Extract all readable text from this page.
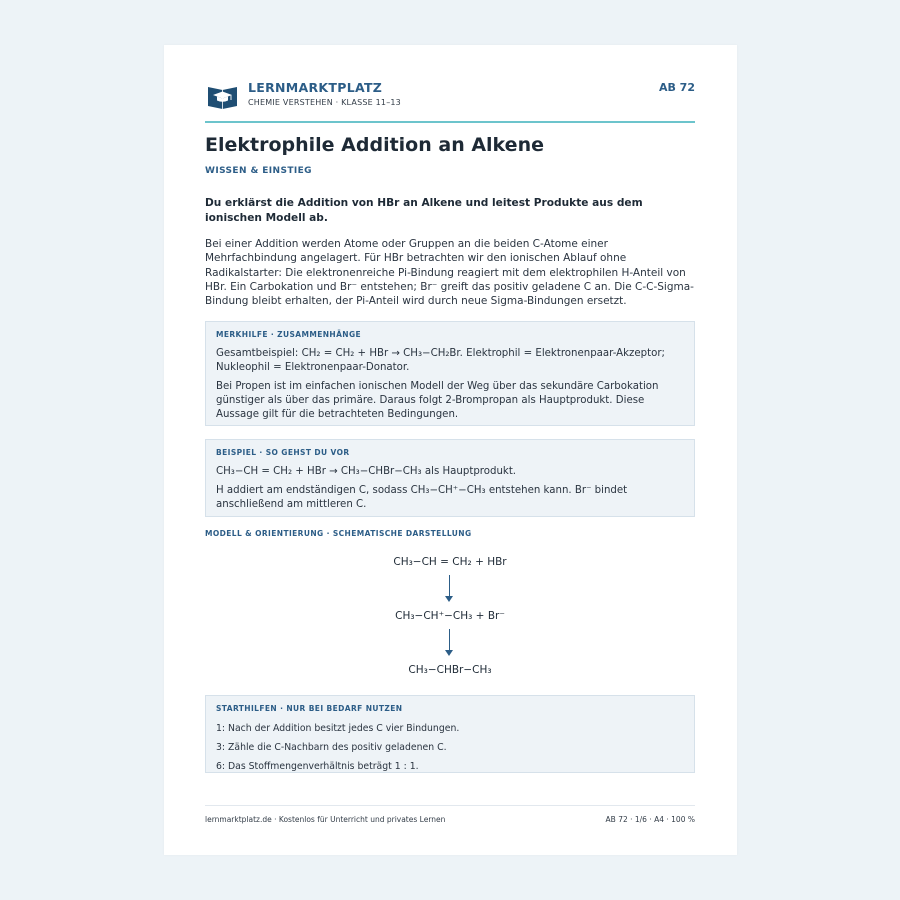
LERNMARKTPLATZ
CHEMIE VERSTEHEN · KLASSE 11–13
AB 72
Elektrophile Addition an Alkene
WISSEN & EINSTIEG
Du erklärst die Addition von HBr an Alkene und leitest Produkte aus dem ionischen Modell ab.
Bei einer Addition werden Atome oder Gruppen an die beiden C-Atome einer Mehrfachbindung angelagert. Für HBr betrachten wir den ionischen Ablauf ohne Radikalstarter: Die elektronenreiche Pi-Bindung reagiert mit dem elektrophilen H-Anteil von HBr. Ein Carbokation und Br⁻ entstehen; Br⁻ greift das positiv geladene C an. Die C-C-Sigma-Bindung bleibt erhalten, der Pi-Anteil wird durch neue Sigma-Bindungen ersetzt.
MERKHILFE · ZUSAMMENHÄNGE
Gesamtbeispiel: CH₂ = CH₂ + HBr → CH₃−CH₂Br. Elektrophil = Elektronenpaar-Akzeptor; Nukleophil = Elektronenpaar-Donator.
Bei Propen ist im einfachen ionischen Modell der Weg über das sekundäre Carbokation günstiger als über das primäre. Daraus folgt 2-Brompropan als Hauptprodukt. Diese Aussage gilt für die betrachteten Bedingungen.
BEISPIEL · SO GEHST DU VOR
CH₃−CH = CH₂ + HBr → CH₃−CHBr−CH₃ als Hauptprodukt.
H addiert am endständigen C, sodass CH₃−CH⁺−CH₃ entstehen kann. Br⁻ bindet anschließend am mittleren C.
MODELL & ORIENTIERUNG · SCHEMATISCHE DARSTELLUNG
CH₃−CH = CH₂ + HBr
CH₃−CH⁺−CH₃ + Br⁻
CH₃−CHBr−CH₃
STARTHILFEN · NUR BEI BEDARF NUTZEN
1: Nach der Addition besitzt jedes C vier Bindungen.
3: Zähle die C-Nachbarn des positiv geladenen C.
6: Das Stoffmengenverhältnis beträgt 1 : 1.
lernmarktplatz.de · Kostenlos für Unterricht und privates Lernen	AB 72 · 1/6 · A4 · 100 %
